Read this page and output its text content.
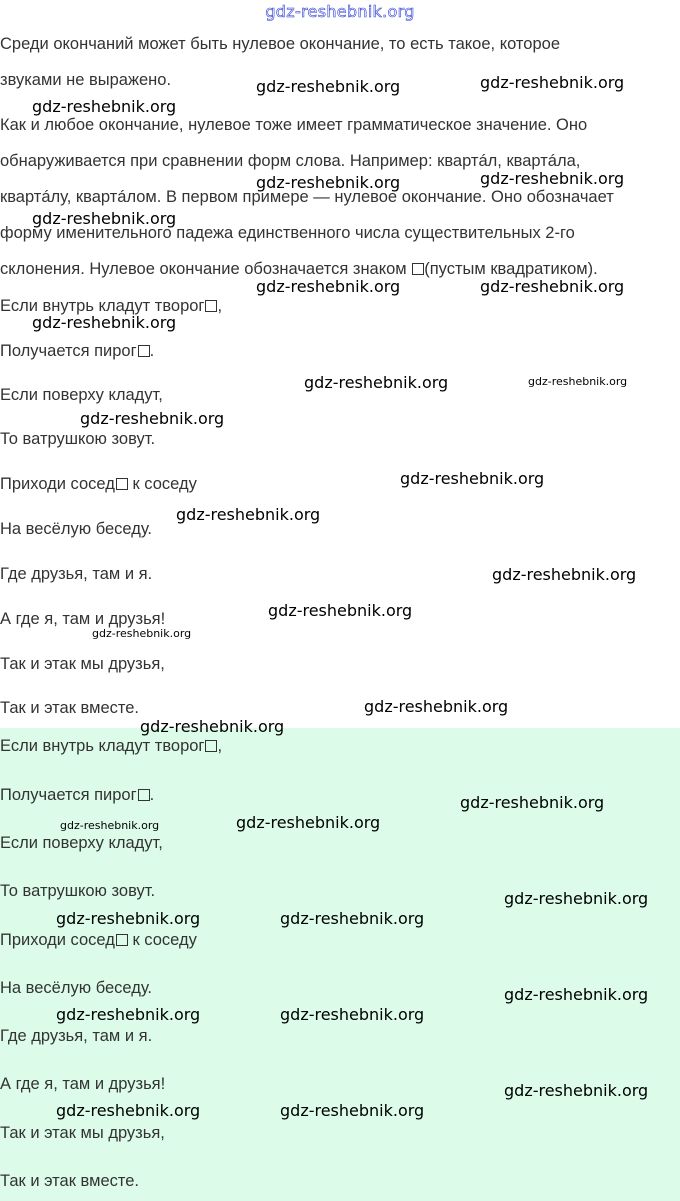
gdz-reshebnik.org
Среди окончаний может быть нулевое окончание, то есть такое, которое
звуками не выражено.
Как и любое окончание, нулевое тоже имеет грамматическое значение. Оно
обнаруживается при сравнении форм слова. Например: квартáл, квартáла,
квартáлу, квартáлом. В первом примере — нулевое окончание. Оно обозначает
форму именительного падежа единственного числа существительных 2-го
склонения. Нулевое окончание обозначается знаком (пустым квадратиком).
Если внутрь кладут творог ,
Получается пирог .
Если поверху кладут,
То ватрушкою зовут.
Приходи сосед к соседу
На весёлую беседу.
Где друзья, там и я.
А где я, там и друзья!
Так и этак мы друзья,
Так и этак вместе.
Если внутрь кладут творог ,
Получается пирог .
Если поверху кладут,
То ватрушкою зовут.
Приходи сосед к соседу
На весёлую беседу.
Где друзья, там и я.
А где я, там и друзья!
Так и этак мы друзья,
Так и этак вместе.
gdz-reshebnik.org	gdz-reshebnik.org
gdz-reshebnik.org
gdz-reshebnik.org	gdz-reshebnik.org
gdz-reshebnik.org
gdz-reshebnik.org	gdz-reshebnik.org
gdz-reshebnik.org
gdz-reshebnik.org	gdz-reshebnik.org
gdz-reshebnik.org
gdz-reshebnik.org
gdz-reshebnik.org
gdz-reshebnik.org
gdz-reshebnik.org
gdz-reshebnik.org
gdz-reshebnik.org
gdz-reshebnik.org
gdz-reshebnik.org
gdz-reshebnik.org	gdz-reshebnik.org
gdz-reshebnik.org
gdz-reshebnik.org	gdz-reshebnik.org
gdz-reshebnik.org
gdz-reshebnik.org	gdz-reshebnik.org
gdz-reshebnik.org
gdz-reshebnik.org	gdz-reshebnik.org
